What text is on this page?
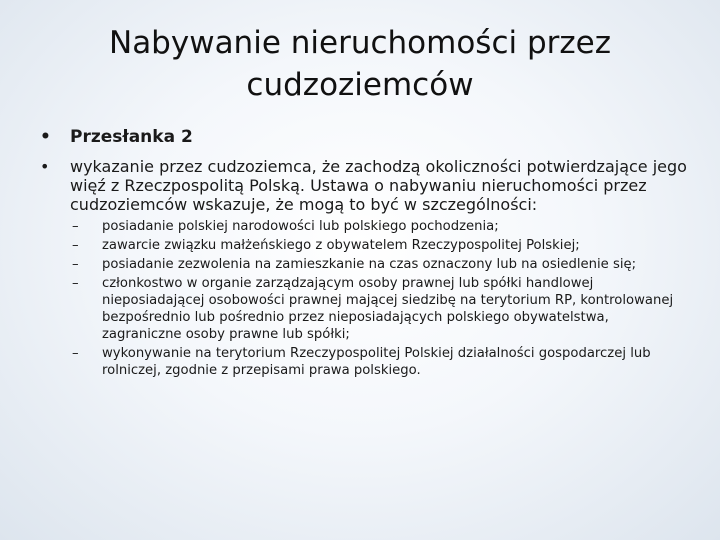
Nabywanie nieruchomości przez
cudzoziemców

• Przesłanka 2

• wykazanie przez cudzoziemca, że zachodzą okoliczności potwierdzające jego więź z Rzeczpospolitą Polską. Ustawa o nabywaniu nieruchomości przez cudzoziemców wskazuje, że mogą to być w szczególności:
– posiadanie polskiej narodowości lub polskiego pochodzenia;
– zawarcie związku małżeńskiego z obywatelem Rzeczypospolitej Polskiej;
– posiadanie zezwolenia na zamieszkanie na czas oznaczony lub na osiedlenie się;
– członkostwo w organie zarządzającym osoby prawnej lub spółki handlowej nieposiadającej osobowości prawnej mającej siedzibę na terytorium RP, kontrolowanej bezpośrednio lub pośrednio przez nieposiadających polskiego obywatelstwa, zagraniczne osoby prawne lub spółki;
– wykonywanie na terytorium Rzeczypospolitej Polskiej działalności gospodarczej lub rolniczej, zgodnie z przepisami prawa polskiego.
